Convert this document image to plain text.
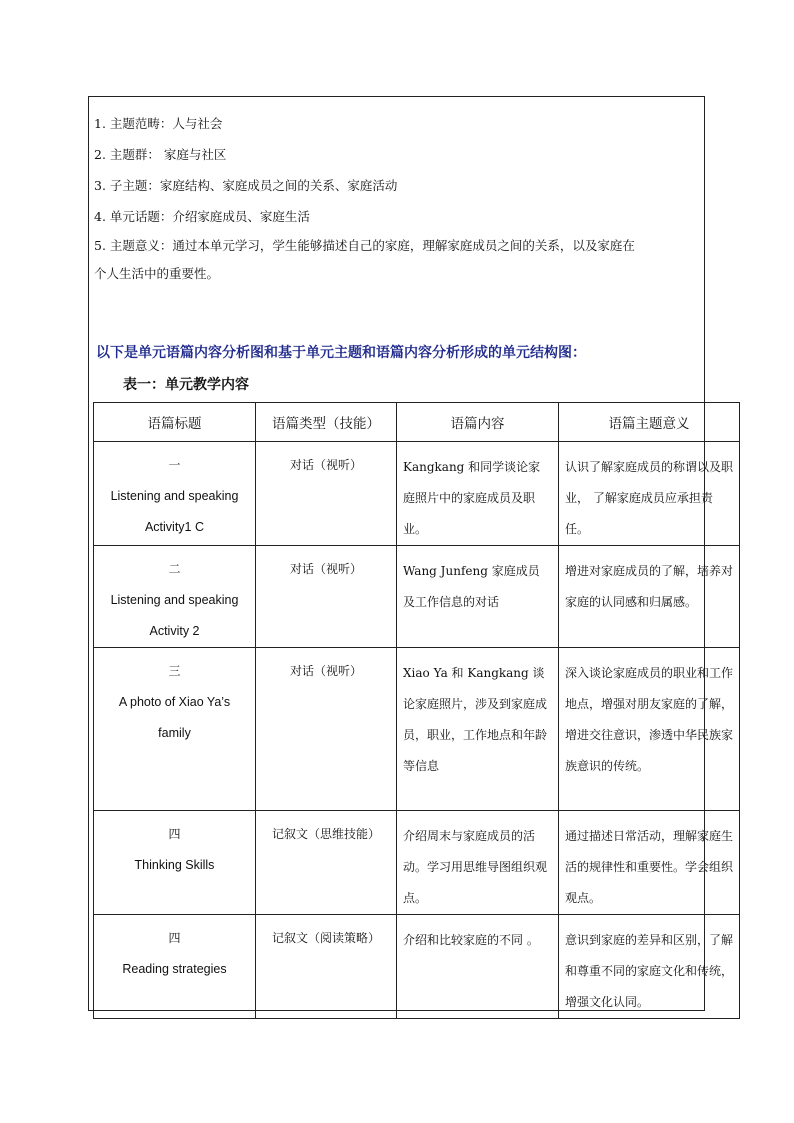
1. 主题范畴：人与社会

2. 主题群： 家庭与社区

3. 子主题：家庭结构、家庭成员之间的关系、家庭活动

4. 单元话题：介绍家庭成员、家庭生活

5. 主题意义：通过本单元学习，学生能够描述自己的家庭，理解家庭成员之间的关系，以及家庭在

个人生活中的重要性。

以下是单元语篇内容分析图和基于单元主题和语篇内容分析形成的单元结构图：
表一：单元教学内容
语篇标题	语篇类型（技能）	语篇内容	语篇主题意义

一
Listening and speaking
Activity1 C	对话（视听）	Kangkang 和同学谈论家庭照片中的家庭成员及职业。	认识了解家庭成员的称谓以及职业， 了解家庭成员应承担责任。

二
Listening and speaking
Activity 2	对话（视听）	Wang Junfeng 家庭成员及工作信息的对话	增进对家庭成员的了解，培养对家庭的认同感和归属感。

三
A photo of Xiao Ya’s
family	对话（视听）	Xiao Ya 和 Kangkang 谈论家庭照片，涉及到家庭成员，职业，工作地点和年龄等信息	深入谈论家庭成员的职业和工作地点，增强对朋友家庭的了解，增进交往意识，渗透中华民族家族意识的传统。

四
Thinking Skills	记叙文（思维技能）	介绍周末与家庭成员的活动。学习用思维导图组织观点。	通过描述日常活动，理解家庭生活的规律性和重要性。学会组织观点。

四
Reading strategies	记叙文（阅读策略）	介绍和比较家庭的不同 。	意识到家庭的差异和区别，了解和尊重不同的家庭文化和传统，增强文化认同。
